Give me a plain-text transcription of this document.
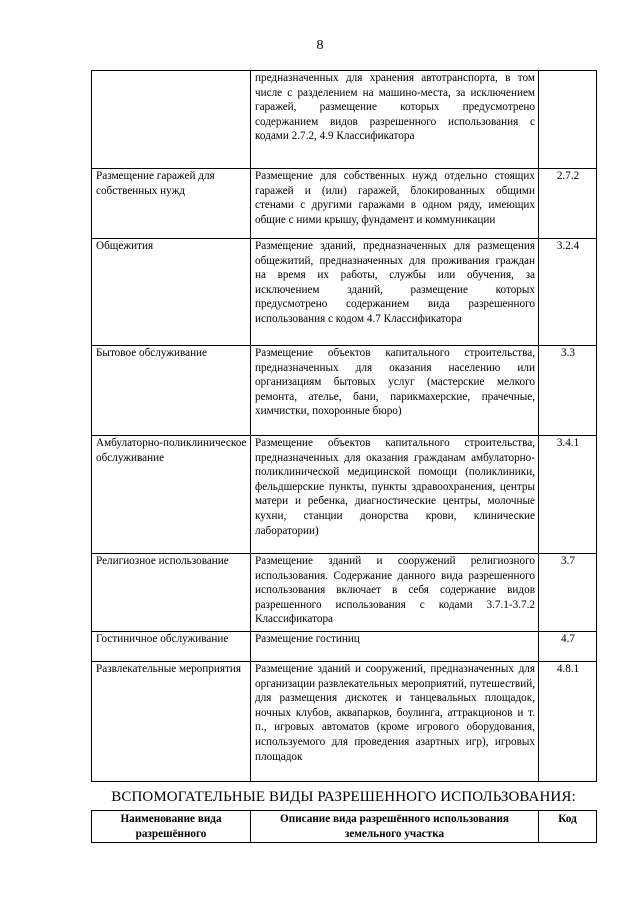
8
	предназначенных для хранения автотранспорта, в том числе с разделением на машино-места, за исключением гаражей, размещение которых предусмотрено содержанием видов разрешенного использования с кодами 2.7.2, 4.9 Классификатора	
Размещение гаражей для собственных нужд	Размещение для собственных нужд отдельно стоящих гаражей и (или) гаражей, блокированных общими стенами с другими гаражами в одном ряду, имеющих общие с ними крышу, фундамент и коммуникации	2.7.2
Общежития	Размещение зданий, предназначенных для размещения общежитий, предназначенных для проживания граждан на время их работы, службы или обучения, за исключением зданий, размещение которых предусмотрено содержанием вида разрешенного использования с кодом 4.7 Классификатора	3.2.4
Бытовое обслуживание	Размещение объектов капитального строительства, предназначенных для оказания населению или организациям бытовых услуг (мастерские мелкого ремонта, ателье, бани, парикмахерские, прачечные, химчистки, похоронные бюро)	3.3
Амбулаторно-поликлиническое обслуживание	Размещение объектов капитального строительства, предназначенных для оказания гражданам амбулаторно-поликлинической медицинской помощи (поликлиники, фельдшерские пункты, пункты здравоохранения, центры матери и ребенка, диагностические центры, молочные кухни, станции донорства крови, клинические лаборатории)	3.4.1
Религиозное использование	Размещение зданий и сооружений религиозного использования. Содержание данного вида разрешенного использования включает в себя содержание видов разрешенного использования с кодами 3.7.1-3.7.2 Классификатора	3.7
Гостиничное обслуживание	Размещение гостиниц	4.7
Развлекательные мероприятия	Размещение зданий и сооружений, предназначенных для организации развлекательных мероприятий, путешествий, для размещения дискотек и танцевальных площадок, ночных клубов, аквапарков, боулинга, аттракционов и т. п., игровых автоматов (кроме игрового оборудования, используемого для проведения азартных игр), игровых площадок	4.8.1
ВСПОМОГАТЕЛЬНЫЕ ВИДЫ РАЗРЕШЕННОГО ИСПОЛЬЗОВАНИЯ:
Наименование вида разрешённого	Описание вида разрешённого использования земельного участка	Код
